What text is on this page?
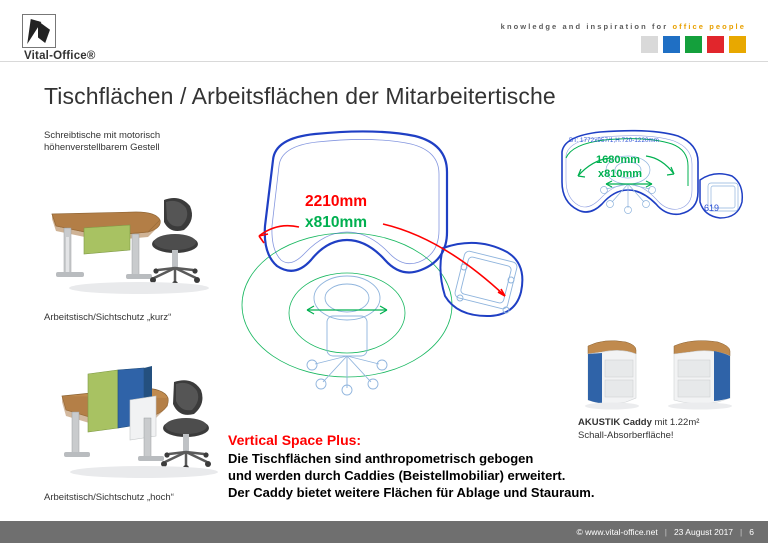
Vital-Office®
knowledge and inspiration for office people
Tischflächen / Arbeitsflächen der Mitarbeitertische
Schreibtische mit motorisch höhenverstellbarem Gestell
Arbeitstisch/Sichtschutz „kurz“
Arbeitstisch/Sichtschutz „hoch“
2210mm
x810mm
BT: 1772x957/1,H:720-1220mm
1680mm
x810mm
619
AKUSTIK Caddy mit 1.22m²
Schall-Absorberfläche!
Vertical Space Plus:
Die Tischflächen sind anthropometrisch gebogen
und werden durch Caddies (Beistellmobiliar) erweitert.
Der Caddy bietet weitere Flächen für Ablage und Stauraum.
© www.vital-office.net | 23 August 2017 | 6
